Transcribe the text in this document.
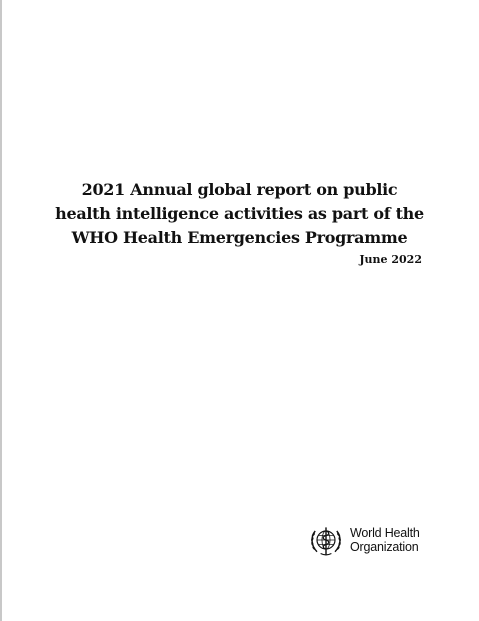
2021 Annual global report on public
health intelligence activities as part of the
WHO Health Emergencies Programme
June 2022
World Health
Organization
